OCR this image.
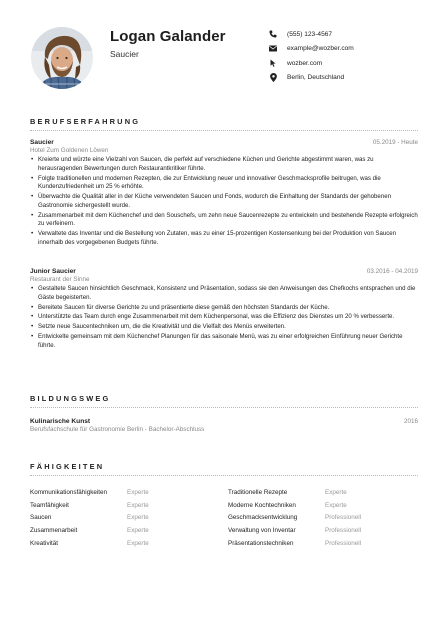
Logan Galander
Saucier
(555) 123-4567
example@wozber.com
wozber.com
Berlin, Deutschland
BERUFSERFAHRUNG
Saucier	05.2019 - Heute
Hotel Zum Goldenen Löwen
• Kreierte und würzte eine Vielzahl von Saucen, die perfekt auf verschiedene Küchen und Gerichte abgestimmt waren, was zu herausragenden Bewertungen durch Restaurantkritiker führte.
• Folgte traditionellen und modernen Rezepten, die zur Entwicklung neuer und innovativer Geschmacksprofile beitrugen, was die Kundenzufriedenheit um 25 % erhöhte.
• Überwachte die Qualität aller in der Küche verwendeten Saucen und Fonds, wodurch die Einhaltung der Standards der gehobenen Gastronomie sichergestellt wurde.
• Zusammenarbeit mit dem Küchenchef und den Souschefs, um zehn neue Saucenrezepte zu entwickeln und bestehende Rezepte erfolgreich zu verfeinern.
• Verwaltete das Inventar und die Bestellung von Zutaten, was zu einer 15-prozentigen Kostensenkung bei der Produktion von Saucen innerhalb des vorgegebenen Budgets führte.
Junior Saucier	03.2016 - 04.2019
Restaurant der Sinne
• Gestaltete Saucen hinsichtlich Geschmack, Konsistenz und Präsentation, sodass sie den Anweisungen des Chefkochs entsprachen und die Gäste begeisterten.
• Bereitete Saucen für diverse Gerichte zu und präsentierte diese gemäß den höchsten Standards der Küche.
• Unterstützte das Team durch enge Zusammenarbeit mit dem Küchenpersonal, was die Effizienz des Dienstes um 20 % verbesserte.
• Setzte neue Saucentechniken um, die die Kreativität und die Vielfalt des Menüs erweiterten.
• Entwickelte gemeinsam mit dem Küchenchef Planungen für das saisonale Menü, was zu einer erfolgreichen Einführung neuer Gerichte führte.
BILDUNGSWEG
Kulinarische Kunst	2016
Berufsfachschule für Gastronomie Berlin - Bachelor-Abschluss
FÄHIGKEITEN
Kommunikationsfähigkeiten	Experte
Teamfähigkeit	Experte
Saucen	Experte
Zusammenarbeit	Experte
Kreativität	Experte
Traditionelle Rezepte	Experte
Moderne Kochtechniken	Experte
Geschmacksentwicklung	Professionell
Verwaltung von Inventar	Professionell
Präsentationstechniken	Professionell
